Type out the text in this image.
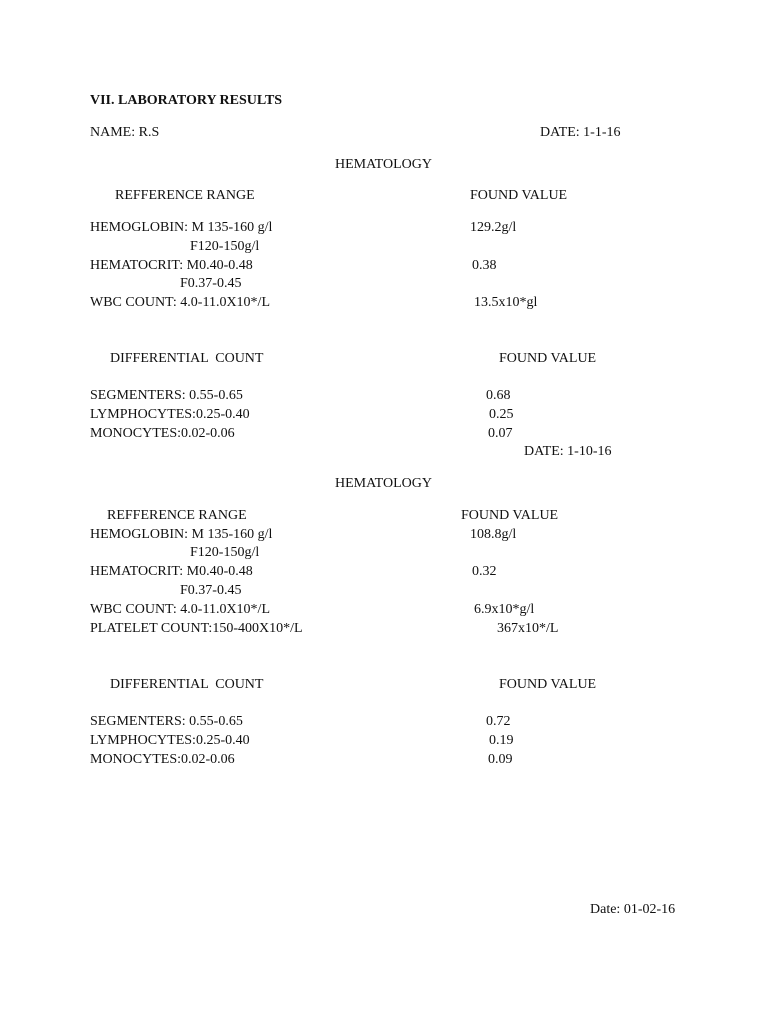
VII. LABORATORY RESULTS
NAME: R.S	DATE: 1-1-16
HEMATOLOGY
REFFERENCE RANGE	FOUND VALUE
HEMOGLOBIN: M 135-160 g/l	129.2g/l
F120-150g/l
HEMATOCRIT: M0.40-0.48	0.38
F0.37-0.45
WBC COUNT: 4.0-11.0X10*/L	13.5x10*gl
DIFFERENTIAL  COUNT	FOUND VALUE
SEGMENTERS: 0.55-0.65	0.68
LYMPHOCYTES:0.25-0.40	0.25
MONOCYTES:0.02-0.06	0.07
DATE: 1-10-16
HEMATOLOGY
REFFERENCE RANGE	FOUND VALUE
HEMOGLOBIN: M 135-160 g/l	108.8g/l
F120-150g/l
HEMATOCRIT: M0.40-0.48	0.32
F0.37-0.45
WBC COUNT: 4.0-11.0X10*/L	6.9x10*g/l
PLATELET COUNT:150-400X10*/L	367x10*/L
DIFFERENTIAL  COUNT	FOUND VALUE
SEGMENTERS: 0.55-0.65	0.72
LYMPHOCYTES:0.25-0.40	0.19
MONOCYTES:0.02-0.06	0.09
Date: 01-02-16
